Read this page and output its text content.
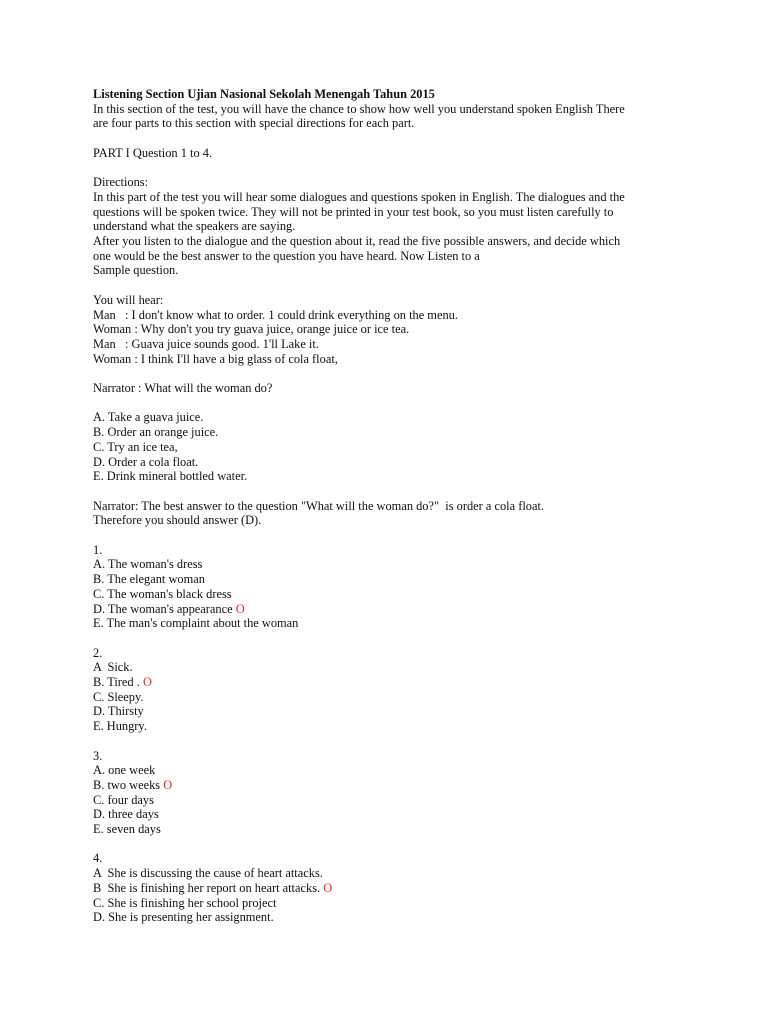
Listening Section Ujian Nasional Sekolah Menengah Tahun 2015
In this section of the test, you will have the chance to show how well you understand spoken English There
are four parts to this section with special directions for each part.
PART I Question 1 to 4.
Directions:
In this part of the test you will hear some dialogues and questions spoken in English. The dialogues and the
questions will be spoken twice. They will not be printed in your test book, so you must listen carefully to
understand what the speakers are saying.
After you listen to the dialogue and the question about it, read the five possible answers, and decide which
one would be the best answer to the question you have heard. Now Listen to a
Sample question.
You will hear:
Man   : I don't know what to order. 1 could drink everything on the menu.
Woman : Why don't you try guava juice, orange juice or ice tea.
Man   : Guava juice sounds good. 1'll Lake it.
Woman : I think I'll have a big glass of cola float,
Narrator : What will the woman do?
A. Take a guava juice.
B. Order an orange juice.
C. Try an ice tea,
D. Order a cola float.
E. Drink mineral bottled water.
Narrator: The best answer to the question "What will the woman do?"  is order a cola float.
Therefore you should answer (D).
1.
A. The woman's dress
B. The elegant woman
C. The woman's black dress
D. The woman's appearance O
E. The man's complaint about the woman
2.
A  Sick.
B. Tired . O
C. Sleepy.
D. Thirsty
E. Hungry.
3.
A. one week
B. two weeks O
C. four days
D. three days
E. seven days
4.
A  She is discussing the cause of heart attacks.
B  She is finishing her report on heart attacks. O
C. She is finishing her school project
D. She is presenting her assignment.
